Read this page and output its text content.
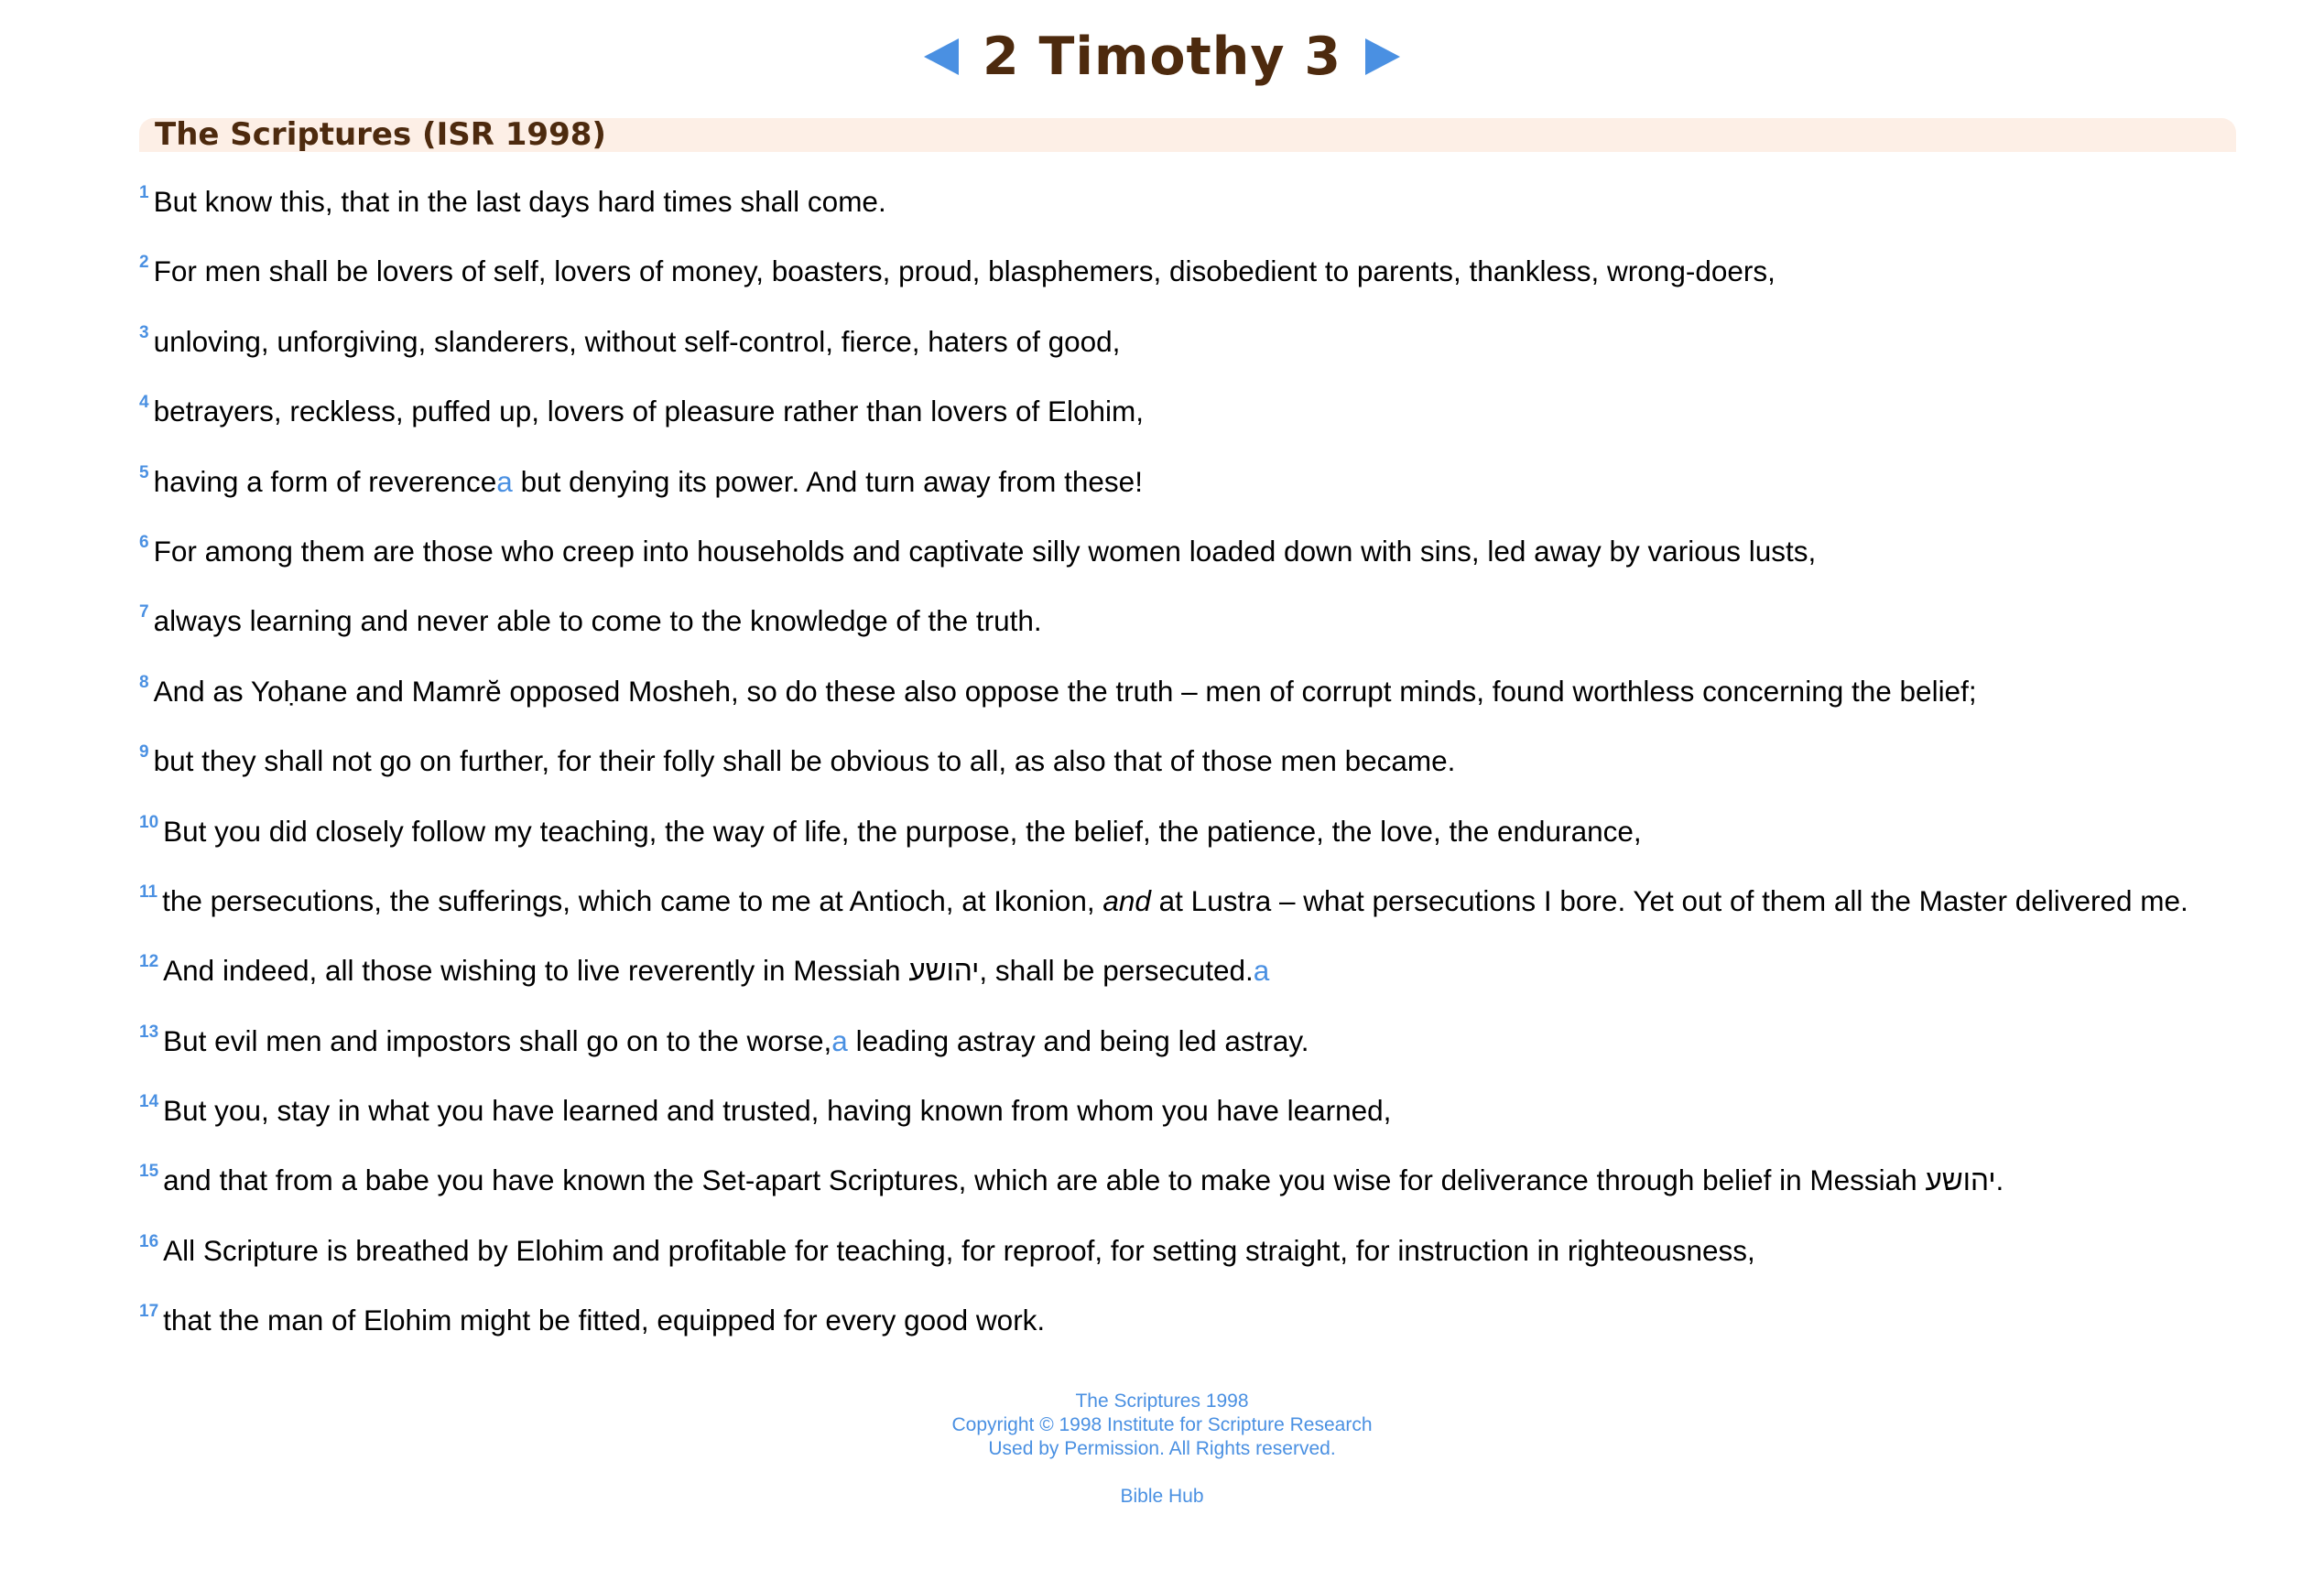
2 Timothy 3
The Scriptures (ISR 1998)
1 But know this, that in the last days hard times shall come.
2 For men shall be lovers of self, lovers of money, boasters, proud, blasphemers, disobedient to parents, thankless, wrong-doers,
3 unloving, unforgiving, slanderers, without self-control, fierce, haters of good,
4 betrayers, reckless, puffed up, lovers of pleasure rather than lovers of Elohim,
5 having a form of reverencea but denying its power. And turn away from these!
6 For among them are those who creep into households and captivate silly women loaded down with sins, led away by various lusts,
7 always learning and never able to come to the knowledge of the truth.
8 And as Yoḥane and Mamrĕ opposed Mosheh, so do these also oppose the truth – men of corrupt minds, found worthless concerning the belief;
9 but they shall not go on further, for their folly shall be obvious to all, as also that of those men became.
10 But you did closely follow my teaching, the way of life, the purpose, the belief, the patience, the love, the endurance,
11 the persecutions, the sufferings, which came to me at Antioch, at Ikonion, and at Lustra – what persecutions I bore. Yet out of them all the Master delivered me.
12 And indeed, all those wishing to live reverently in Messiah יהושע, shall be persecuted.a
13 But evil men and impostors shall go on to the worse,a leading astray and being led astray.
14 But you, stay in what you have learned and trusted, having known from whom you have learned,
15 and that from a babe you have known the Set-apart Scriptures, which are able to make you wise for deliverance through belief in Messiah יהושע.
16 All Scripture is breathed by Elohim and profitable for teaching, for reproof, for setting straight, for instruction in righteousness,
17 that the man of Elohim might be fitted, equipped for every good work.
The Scriptures 1998
Copyright © 1998 Institute for Scripture Research
Used by Permission. All Rights reserved.
Bible Hub
